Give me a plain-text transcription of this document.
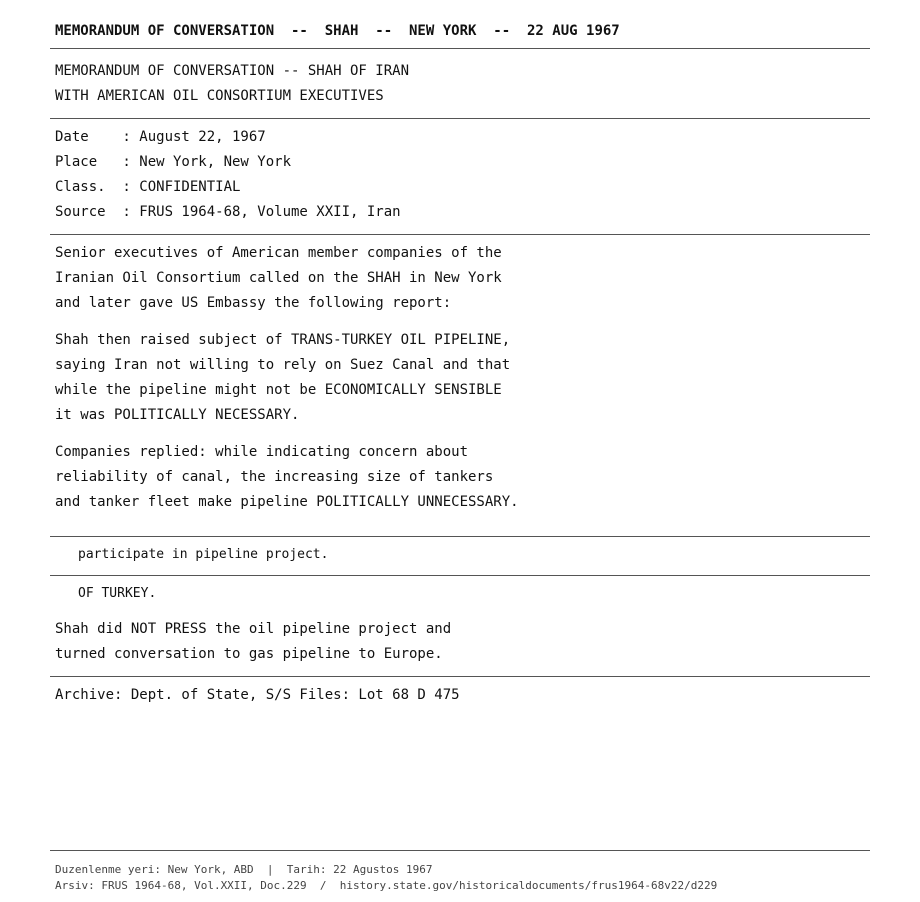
MEMORANDUM OF CONVERSATION  --  SHAH  --  NEW YORK  --  22 AUG 1967
MEMORANDUM OF CONVERSATION -- SHAH OF IRAN
WITH AMERICAN OIL CONSORTIUM EXECUTIVES
Date    : August 22, 1967
Place   : New York, New York
Class.  : CONFIDENTIAL
Source  : FRUS 1964-68, Volume XXII, Iran
Senior executives of American member companies of the
Iranian Oil Consortium called on the SHAH in New York
and later gave US Embassy the following report:
Shah then raised subject of TRANS-TURKEY OIL PIPELINE,
saying Iran not willing to rely on Suez Canal and that
while the pipeline might not be ECONOMICALLY SENSIBLE
it was POLITICALLY NECESSARY.
Companies replied: while indicating concern about
reliability of canal, the increasing size of tankers
and tanker fleet make pipeline POLITICALLY UNNECESSARY.
participate in pipeline project.
OF TURKEY.
Shah did NOT PRESS the oil pipeline project and
turned conversation to gas pipeline to Europe.
Archive: Dept. of State, S/S Files: Lot 68 D 475
Duzenlenme yeri: New York, ABD  |  Tarih: 22 Agustos 1967
Arsiv: FRUS 1964-68, Vol.XXII, Doc.229  /  history.state.gov/historicaldocuments/frus1964-68v22/d229
